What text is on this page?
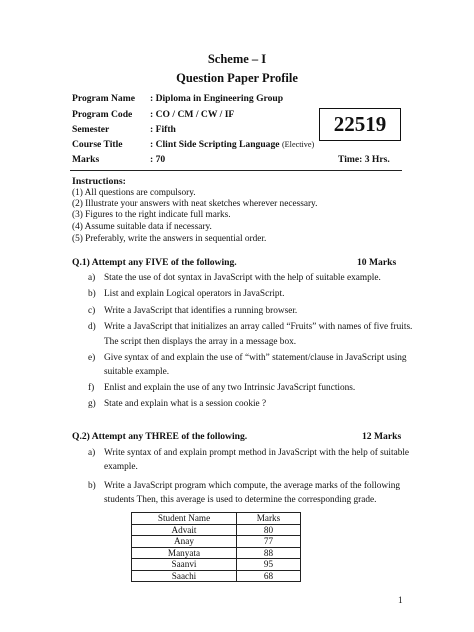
Scheme – I
Question Paper Profile
Program Name : Diploma in Engineering Group
Program Code : CO / CM / CW / IF
Semester	: Fifth
Course Title	: Clint Side Scripting Language (Elective)
Marks	: 70
22519
Time: 3 Hrs.
Instructions:
(1) All questions are compulsory.
(2) Illustrate your answers with neat sketches wherever necessary.
(3) Figures to the right indicate full marks.
(4) Assume suitable data if necessary.
(5) Preferably, write the answers in sequential order.
Q.1) Attempt any FIVE of the following.	10 Marks
a) State the use of dot syntax in JavaScript with the help of suitable example.
b) List and explain Logical operators in JavaScript.
c) Write a JavaScript that identifies a running browser.
d) Write a JavaScript that initializes an array called “Fruits” with names of five fruits.
The script then displays the array in a message box.
e) Give syntax of and explain the use of “with” statement/clause in JavaScript using
suitable example.
f) Enlist and explain the use of any two Intrinsic JavaScript functions.
g) State and explain what is a session cookie ?
Q.2) Attempt any THREE of the following.	12 Marks
a) Write syntax of and explain prompt method in JavaScript with the help of suitable
example.
b) Write a JavaScript program which compute, the average marks of the following
students Then, this average is used to determine the corresponding grade.
Student Name	Marks
Advait	80
Anay	77
Manyata	88
Saanvi	95
Saachi	68
1
